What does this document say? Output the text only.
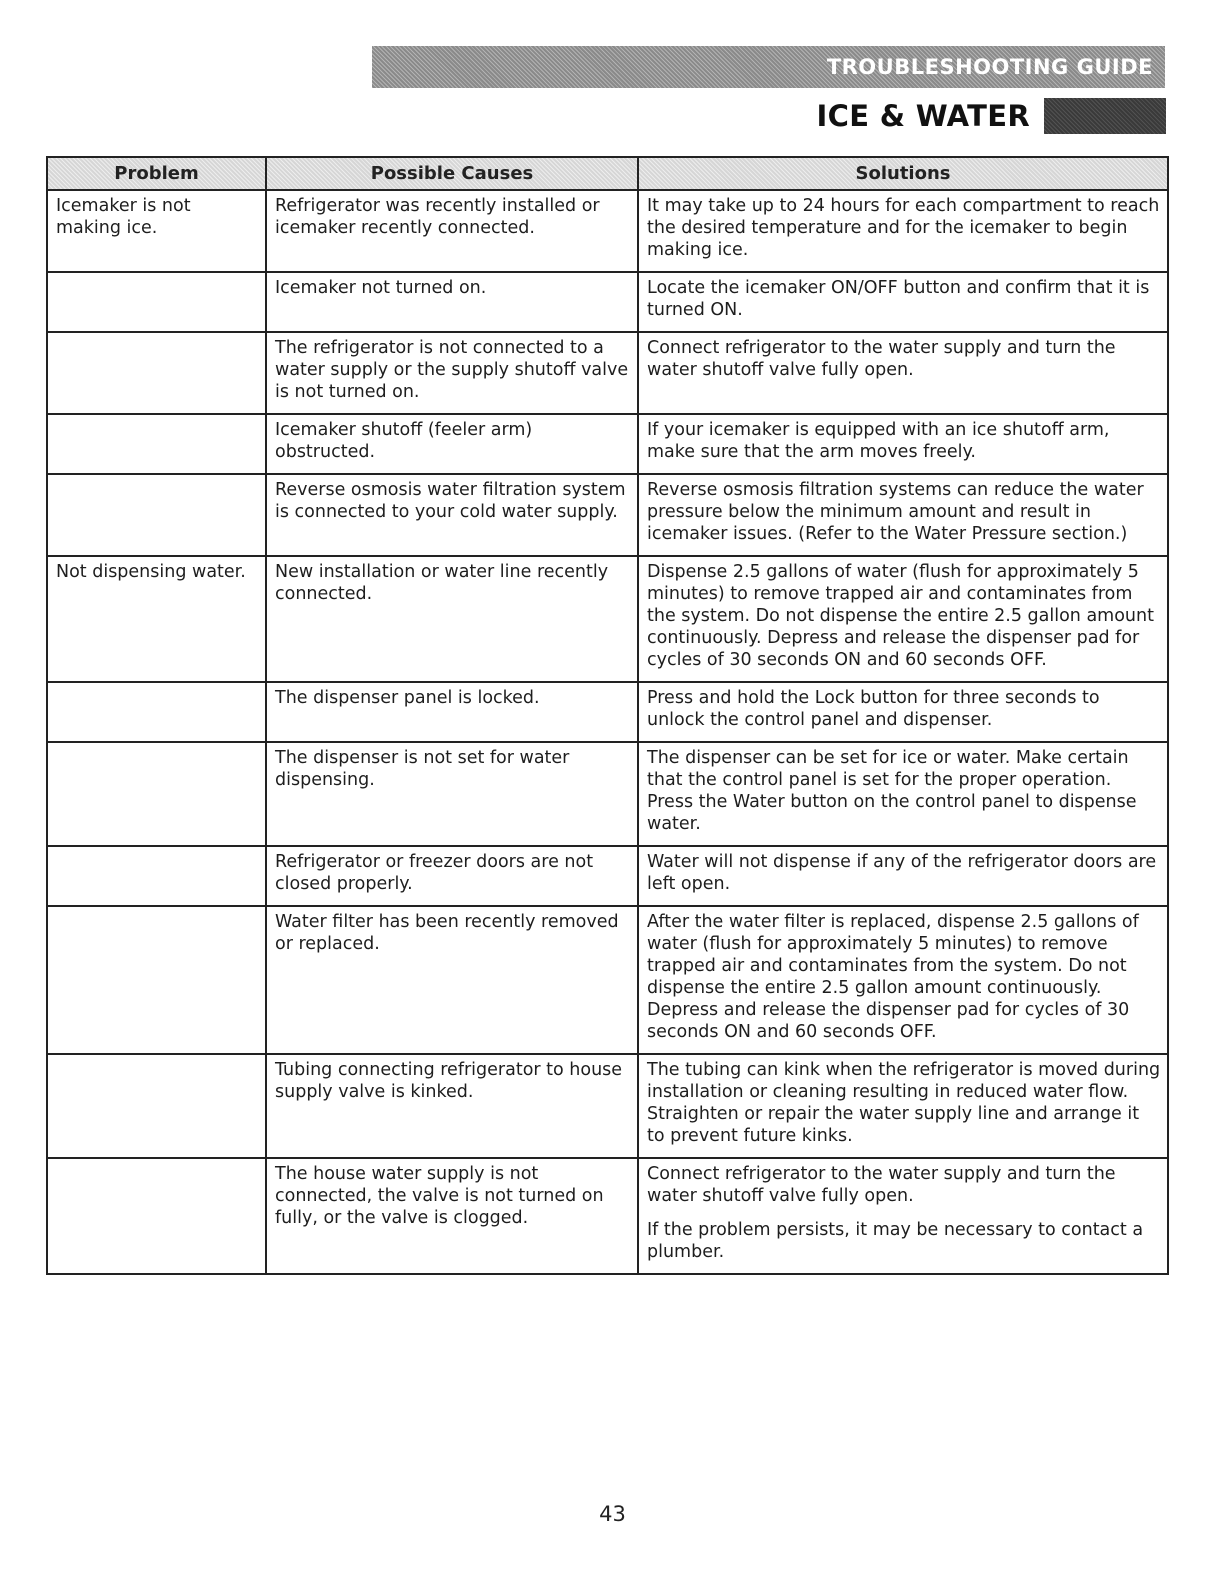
TROUBLESHOOTING GUIDE
ICE & WATER
Problem	Possible Causes	Solutions
Icemaker is not making ice.	Refrigerator was recently installed or icemaker recently connected.	It may take up to 24 hours for each compartment to reach the desired temperature and for the icemaker to begin making ice.

	Icemaker not turned on.	Locate the icemaker ON/OFF button and confirm that it is turned ON.

	The refrigerator is not connected to a water supply or the supply shutoff valve is not turned on.	Connect refrigerator to the water supply and turn the water shutoff valve fully open.

	Icemaker shutoff (feeler arm) obstructed.	If your icemaker is equipped with an ice shutoff arm, make sure that the arm moves freely.

	Reverse osmosis water filtration system is connected to your cold water supply.	Reverse osmosis filtration systems can reduce the water pressure below the minimum amount and result in icemaker issues. (Refer to the Water Pressure section.)

Not dispensing water.	New installation or water line recently connected.	Dispense 2.5 gallons of water (flush for approximately 5 minutes) to remove trapped air and contaminates from the system. Do not dispense the entire 2.5 gallon amount continuously. Depress and release the dispenser pad for cycles of 30 seconds ON and 60 seconds OFF.

	The dispenser panel is locked.	Press and hold the Lock button for three seconds to unlock the control panel and dispenser.

	The dispenser is not set for water dispensing.	The dispenser can be set for ice or water. Make certain that the control panel is set for the proper operation. Press the Water button on the control panel to dispense water.

	Refrigerator or freezer doors are not closed properly.	Water will not dispense if any of the refrigerator doors are left open.

	Water filter has been recently removed or replaced.	After the water filter is replaced, dispense 2.5 gallons of water (flush for approximately 5 minutes) to remove trapped air and contaminates from the system. Do not dispense the entire 2.5 gallon amount continuously. Depress and release the dispenser pad for cycles of 30 seconds ON and 60 seconds OFF.

	Tubing connecting refrigerator to house supply valve is kinked.	The tubing can kink when the refrigerator is moved during installation or cleaning resulting in reduced water flow. Straighten or repair the water supply line and arrange it to prevent future kinks.

	The house water supply is not connected, the valve is not turned on fully, or the valve is clogged.	Connect refrigerator to the water supply and turn the water shutoff valve fully open.

If the problem persists, it may be necessary to contact a plumber.

43
